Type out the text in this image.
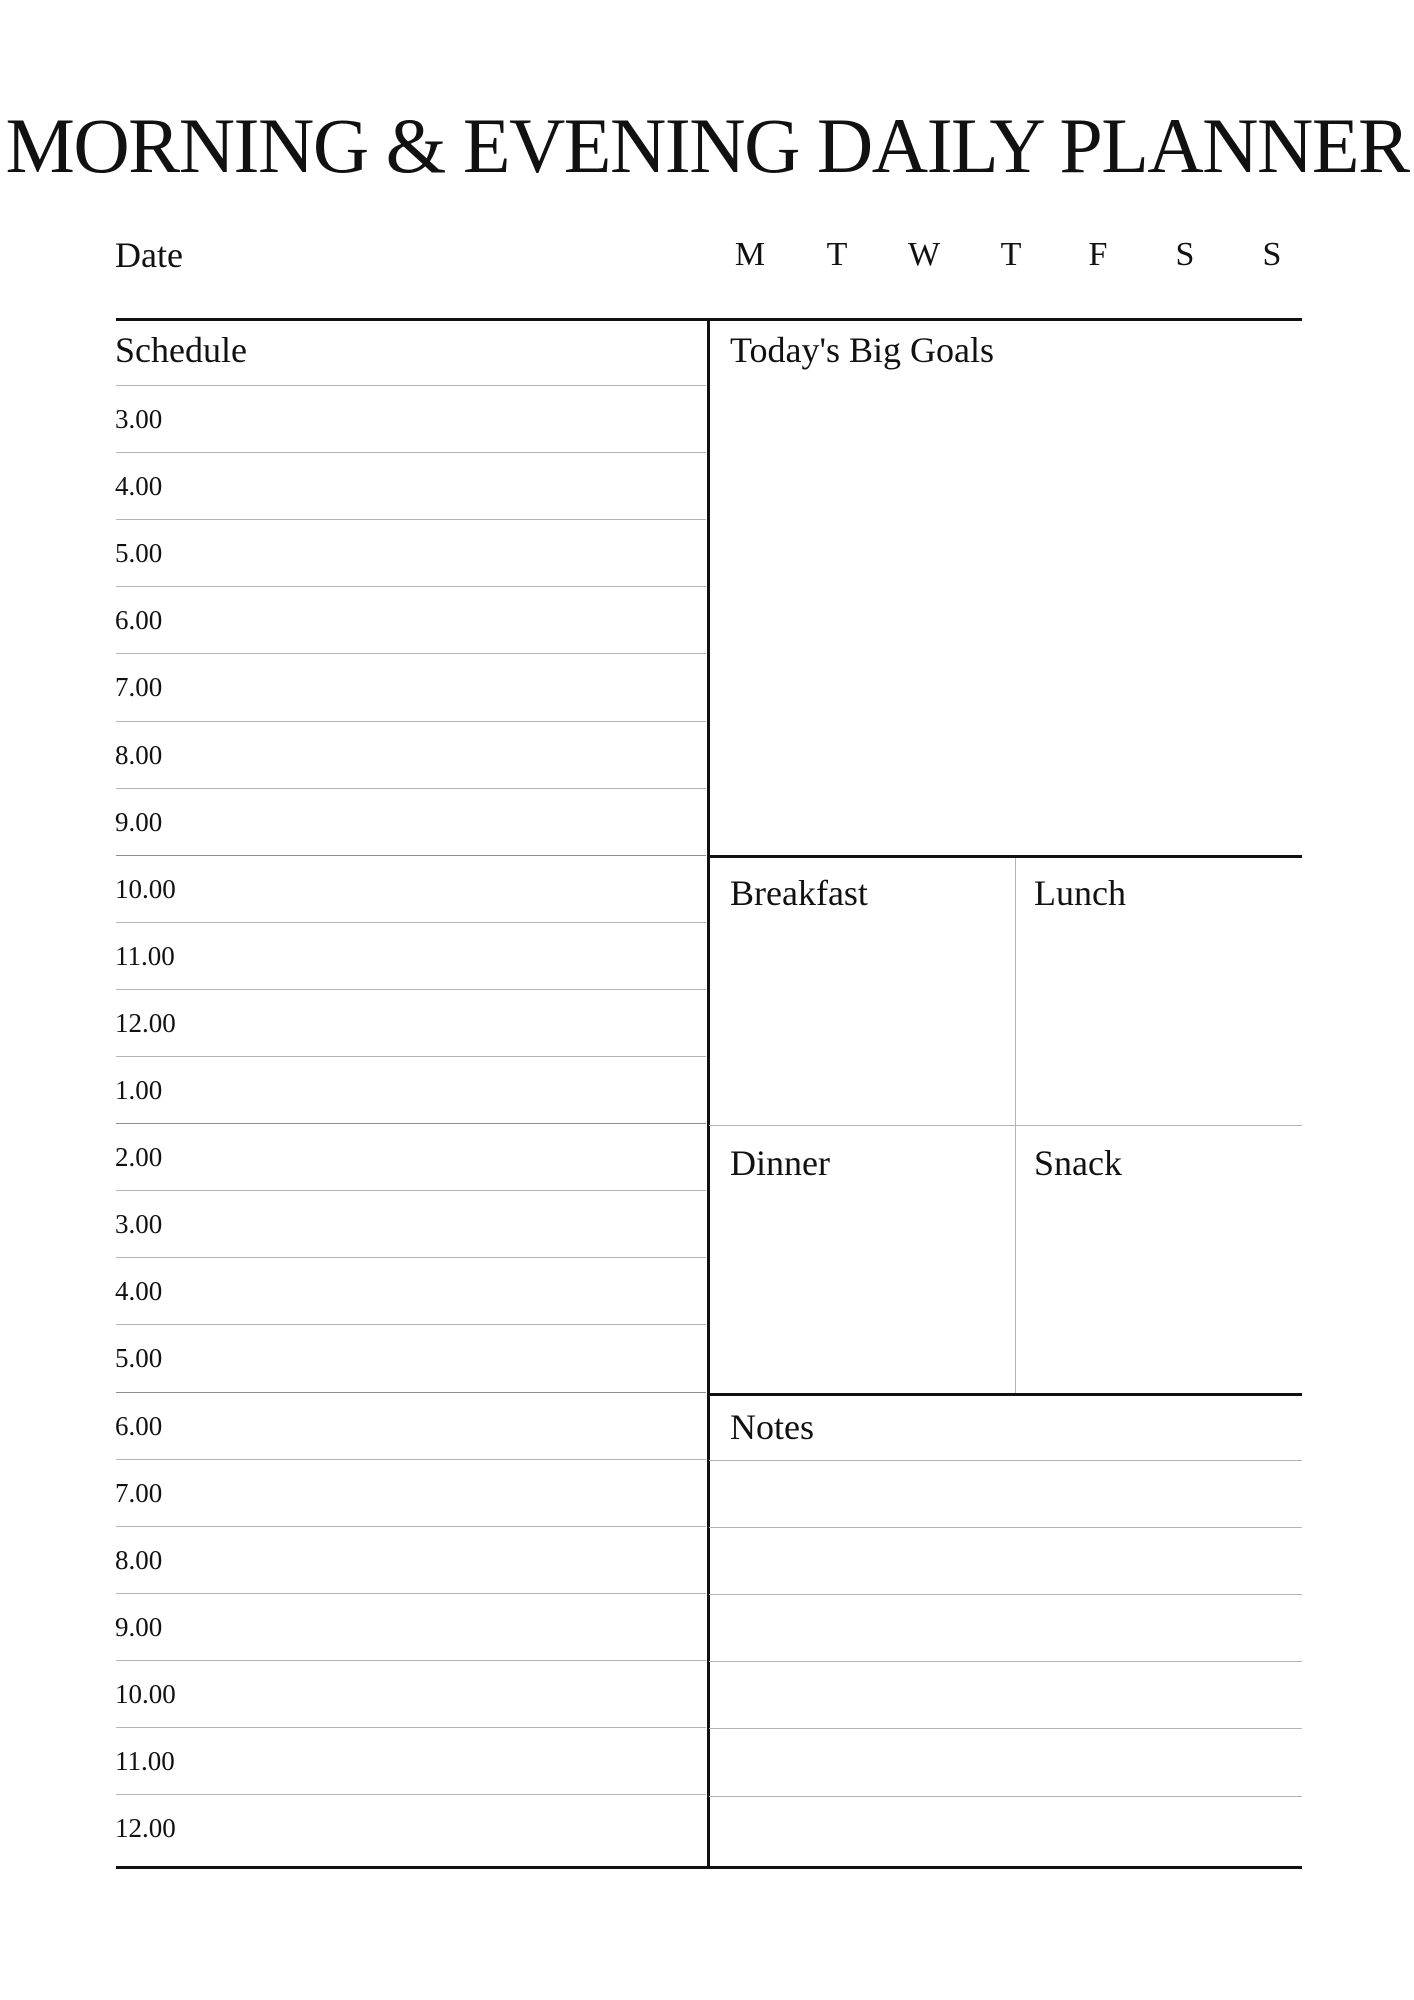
MORNING & EVENING DAILY PLANNER
Date	M	T	W	T	F	S	S
Schedule
3.00
4.00
5.00
6.00
7.00
8.00
9.00
10.00
11.00
12.00
1.00
2.00
3.00
4.00
5.00
6.00
7.00
8.00
9.00
10.00
11.00
12.00
Today's Big Goals
Breakfast	Lunch
Dinner	Snack
Notes
